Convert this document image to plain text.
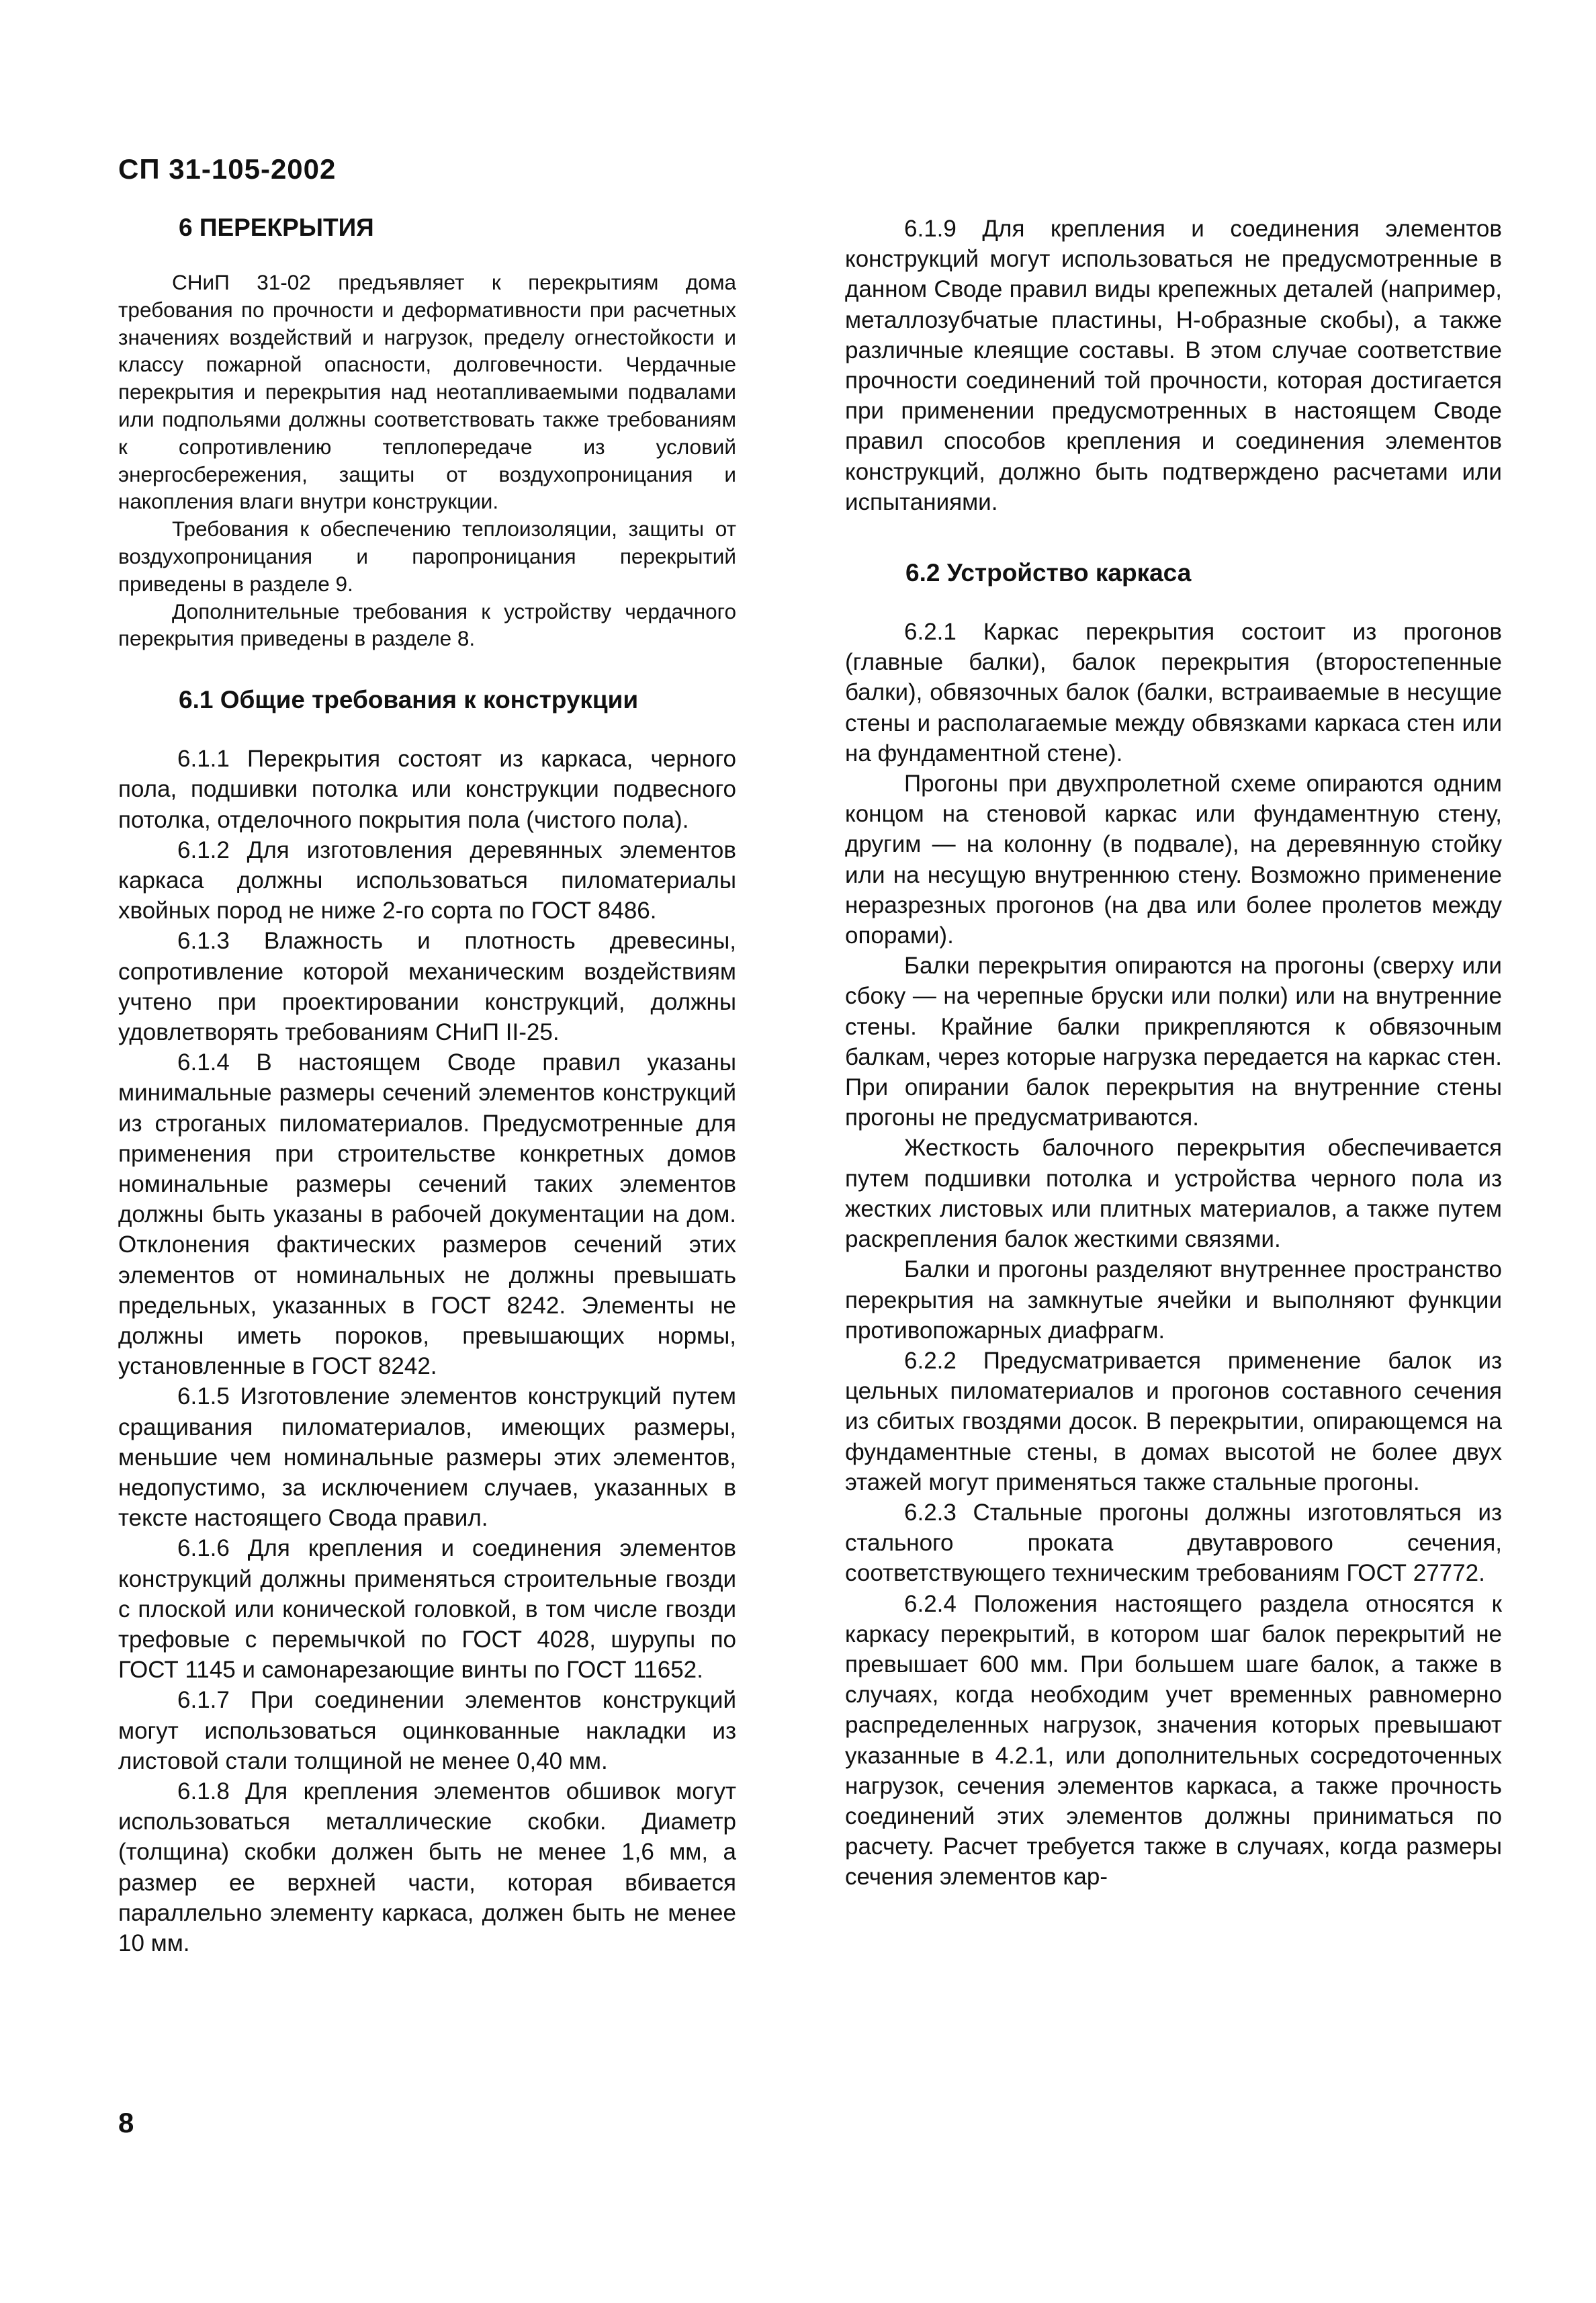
СП 31-105-2002
6 ПЕРЕКРЫТИЯ

СНиП 31-02 предъявляет к перекрытиям дома требования по прочности и деформативности при расчетных значениях воздействий и нагрузок, пределу огнестойкости и классу пожарной опасности, долговечности. Чердачные перекрытия и перекрытия над неотапливаемыми подвалами или подпольями должны соответствовать также требованиям к сопротивлению теплопередаче из условий энергосбережения, защиты от воздухопроницания и накопления влаги внутри конструкции.

Требования к обеспечению теплоизоляции, защиты от воздухопроницания и паропроницания перекрытий приведены в разделе 9.

Дополнительные требования к устройству чердачного перекрытия приведены в разделе 8.

6.1 Общие требования к конструкции

6.1.1 Перекрытия состоят из каркаса, черного пола, подшивки потолка или конструкции подвесного потолка, отделочного покрытия пола (чистого пола).

6.1.2 Для изготовления деревянных элементов каркаса должны использоваться пиломатериалы хвойных пород не ниже 2-го сорта по ГОСТ 8486.

6.1.3 Влажность и плотность древесины, сопротивление которой механическим воздействиям учтено при проектировании конструкций, должны удовлетворять требованиям СНиП II-25.

6.1.4 В настоящем Своде правил указаны минимальные размеры сечений элементов конструкций из строганых пиломатериалов. Предусмотренные для применения при строительстве конкретных домов номинальные размеры сечений таких элементов должны быть указаны в рабочей документации на дом. Отклонения фактических размеров сечений этих элементов от номинальных не должны превышать предельных, указанных в ГОСТ 8242. Элементы не должны иметь пороков, превышающих нормы, установленные в ГОСТ 8242.

6.1.5 Изготовление элементов конструкций путем сращивания пиломатериалов, имеющих размеры, меньшие чем номинальные размеры этих элементов, недопустимо, за исключением случаев, указанных в тексте настоящего Свода правил.

6.1.6 Для крепления и соединения элементов конструкций должны применяться строительные гвозди с плоской или конической головкой, в том числе гвозди трефовые с перемычкой по ГОСТ 4028, шурупы по ГОСТ 1145 и самонарезающие винты по ГОСТ 11652.

6.1.7 При соединении элементов конструкций могут использоваться оцинкованные накладки из листовой стали толщиной не менее 0,40 мм.

6.1.8 Для крепления элементов обшивок могут использоваться металлические скобки. Диаметр (толщина) скобки должен быть не менее 1,6 мм, а размер ее верхней части, которая вбивается параллельно элементу каркаса, должен быть не менее 10 мм.

6.1.9 Для крепления и соединения элементов конструкций могут использоваться не предусмотренные в данном Своде правил виды крепежных деталей (например, металлозубчатые пластины, Н-образные скобы), а также различные клеящие составы. В этом случае соответствие прочности соединений той прочности, которая достигается при применении предусмотренных в настоящем Своде правил способов крепления и соединения элементов конструкций, должно быть подтверждено расчетами или испытаниями.

6.2 Устройство каркаса

6.2.1 Каркас перекрытия состоит из прогонов (главные балки), балок перекрытия (второстепенные балки), обвязочных балок (балки, встраиваемые в несущие стены и располагаемые между обвязками каркаса стен или на фундаментной стене).

Прогоны при двухпролетной схеме опираются одним концом на стеновой каркас или фундаментную стену, другим — на колонну (в подвале), на деревянную стойку или на несущую внутреннюю стену. Возможно применение неразрезных прогонов (на два или более пролетов между опорами).

Балки перекрытия опираются на прогоны (сверху или сбоку — на черепные бруски или полки) или на внутренние стены. Крайние балки прикрепляются к обвязочным балкам, через которые нагрузка передается на каркас стен. При опирании балок перекрытия на внутренние стены прогоны не предусматриваются.

Жесткость балочного перекрытия обеспечивается путем подшивки потолка и устройства черного пола из жестких листовых или плитных материалов, а также путем раскрепления балок жесткими связями.

Балки и прогоны разделяют внутреннее пространство перекрытия на замкнутые ячейки и выполняют функции противопожарных диафрагм.

6.2.2 Предусматривается применение балок из цельных пиломатериалов и прогонов составного сечения из сбитых гвоздями досок. В перекрытии, опирающемся на фундаментные стены, в домах высотой не более двух этажей могут применяться также стальные прогоны.

6.2.3 Стальные прогоны должны изготовляться из стального проката двутаврового сечения, соответствующего техническим требованиям ГОСТ 27772.

6.2.4 Положения настоящего раздела относятся к каркасу перекрытий, в котором шаг балок перекрытий не превышает 600 мм. При большем шаге балок, а также в случаях, когда необходим учет временных равномерно распределенных нагрузок, значения которых превышают указанные в 4.2.1, или дополнительных сосредоточенных нагрузок, сечения элементов каркаса, а также прочность соединений этих элементов должны приниматься по расчету. Расчет требуется также в случаях, когда размеры сечения элементов кар-

8
